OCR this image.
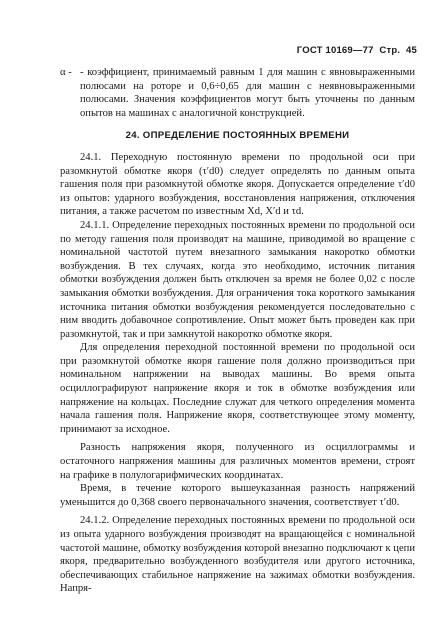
ГОСТ 10169—77 Стр. 45
α - - коэффициент, принимаемый равным 1 для машин с явновыраженными полюсами на роторе и 0,6÷0,65 для машин с неявновыраженными полюсами. Значения коэффициентов могут быть уточнены по данным опытов на машинах с аналогичной конструкцией.
24. ОПРЕДЕЛЕНИЕ ПОСТОЯННЫХ ВРЕМЕНИ

24.1. Переходную постоянную времени по продольной оси при разомкнутой обмотке якоря (τ′d0) следует определять по данным опыта гашения поля при разомкнутой обмотке якоря. Допускается определение τ′d0 из опытов: ударного возбуждения, восстановления напряжения, отключения питания, а также расчетом по известным Xd, X′d и τd.

24.1.1. Определение переходных постоянных времени по продольной оси по методу гашения поля производят на машине, приводимой во вращение с номинальной частотой путем внезапного замыкания накоротко обмотки возбуждения. В тех случаях, когда это необходимо, источник питания обмотки возбуждения должен быть отключен за время не более 0,02 с после замыкания обмотки возбуждения. Для ограничения тока короткого замыкания источника питания обмотки возбуждения рекомендуется последовательно с ним вводить добавочное сопротивление. Опыт может быть проведен как при разомкнутой, так и при замкнутой накоротко обмотке якоря.

Для определения переходной постоянной времени по продольной оси при разомкнутой обмотке якоря гашение поля должно производиться при номинальном напряжении на выводах машины. Во время опыта осциллографируют напряжение якоря и ток в обмотке возбуждения или напряжение на кольцах. Последние служат для четкого определения момента начала гашения поля. Напряжение якоря, соответствующее этому моменту, принимают за исходное.

Разность напряжения якоря, полученного из осциллограммы и остаточного напряжения машины для различных моментов времени, строят на графике в полулогарифмических координатах.

Время, в течение которого вышеуказанная разность напряжений уменьшится до 0,368 своего первоначального значения, соответствует τ′d0.

24.1.2. Определение переходных постоянных времени по продольной оси из опыта ударного возбуждения производят на вращающейся с номинальной частотой машине, обмотку возбуждения которой внезапно подключают к цепи якоря, предварительно возбужденного возбудителя или другого источника, обеспечивающих стабильное напряжение на зажимах обмотки возбуждения. Напря-
